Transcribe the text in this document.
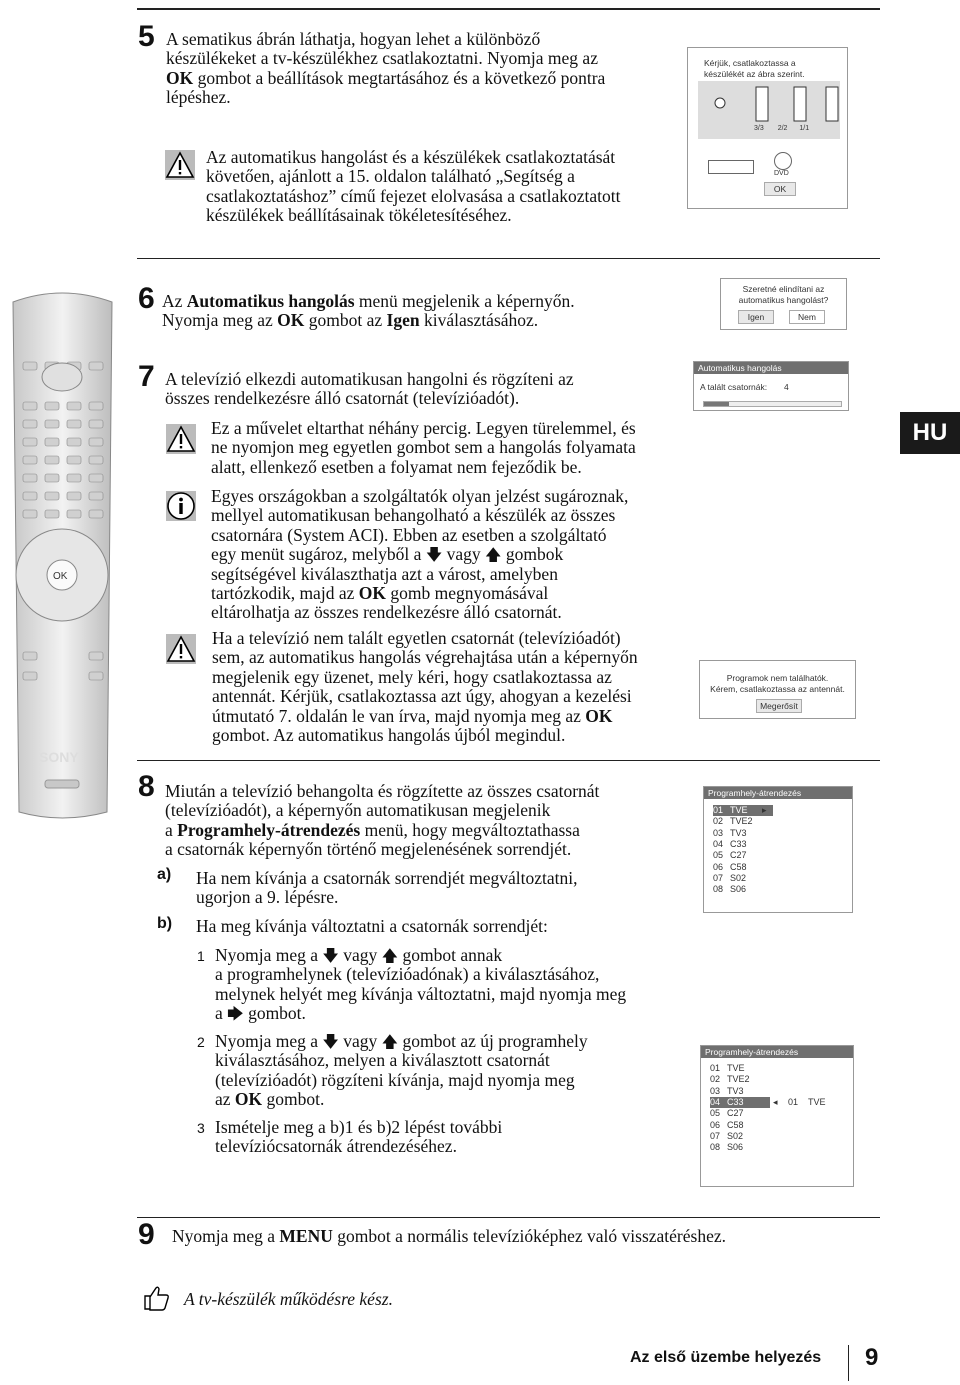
5 A sematikus ábrán láthatja, hogyan lehet a különböző
készülékeket a tv-készülékhez csatlakoztatni. Nyomja meg az
OK gombot a beállítások megtartásához és a következő pontra
lépéshez.
Az automatikus hangolást és a készülékek csatlakoztatását
követően, ajánlott a 15. oldalon található „Segítség a
csatlakoztatáshoz” című fejezet elolvasása a csatlakoztatott
készülékek beállításainak tökéletesítéséhez.
Kérjük, csatlakoztassa a
készülékét az ábra szerint.
3/3 2/2 1/1
DVD
OK
OK
SONY
6 Az Automatikus hangolás menü megjelenik a képernyőn.
Nyomja meg az OK gombot az Igen kiválasztásához.
Szeretné elindítani az
automatikus hangolást?
Igen	Nem
7 A televízió elkezdi automatikusan hangolni és rögzíteni az
összes rendelkezésre álló csatornát (televízióadót).
Automatikus hangolás
A talált csatornák: 4
Ez a művelet eltarthat néhány percig. Legyen türelemmel, és
ne nyomjon meg egyetlen gombot sem a hangolás folyamata
alatt, ellenkező esetben a folyamat nem fejeződik be.
HU
Egyes országokban a szolgáltatók olyan jelzést sugároznak,
mellyel automatikusan behangolható a készülék az összes
csatornára (System ACI). Ebben az esetben a szolgáltató
egy menüt sugároz, melyből a 🡇 vagy 🡅 gombok
segítségével kiválaszthatja azt a várost, amelyben
tartózkodik, majd az OK gomb megnyomásával
eltárolhatja az összes rendelkezésre álló csatornát.
Ha a televízió nem talált egyetlen csatornát (televízióadót)
sem, az automatikus hangolás végrehajtása után a képernyőn
megjelenik egy üzenet, mely kéri, hogy csatlakoztassa az
antennát. Kérjük, csatlakoztassa azt úgy, ahogyan a kezelési
útmutató 7. oldalán le van írva, majd nyomja meg az OK
gombot. Az automatikus hangolás újból megindul.
Programok nem találhatók.
Kérem, csatlakoztassa az antennát.
Megerősít
8 Miután a televízió behangolta és rögzítette az összes csatornát
(televízióadót), a képernyőn automatikusan megjelenik
a Programhely-átrendezés menü, hogy megváltoztathassa
a csatornák képernyőn történő megjelenésének sorrendjét.
a) Ha nem kívánja a csatornák sorrendjét megváltoztatni,
ugorjon a 9. lépésre.
b) Ha meg kívánja változtatni a csatornák sorrendjét:
1 Nyomja meg a 🡇 vagy 🡅 gombot annak
a programhelynek (televízióadónak) a kiválasztásához,
melynek helyét meg kívánja változtatni, majd nyomja meg
a 🡆 gombot.
2 Nyomja meg a 🡇 vagy 🡅 gombot az új programhely
kiválasztásához, melyen a kiválasztott csatornát
(televízióadót) rögzíteni kívánja, majd nyomja meg
az OK gombot.
3 Ismételje meg a b)1 és b)2 lépést további
televíziócsatornák átrendezéséhez.
Programhely-átrendezés
01 TVE	▸
02 TVE2
03 TV3
04 C33
05 C27
06 C58
07 S02
08 S06
Programhely-átrendezés
01 TVE
02 TVE2
03 TV3
04 C33	◂ 01 TVE
05 C27
06 C58
07 S02
08 S06
9 Nyomja meg a MENU gombot a normális televízióképhez való visszatéréshez.
A tv-készülék működésre kész.
Az első üzembe helyezés 9
